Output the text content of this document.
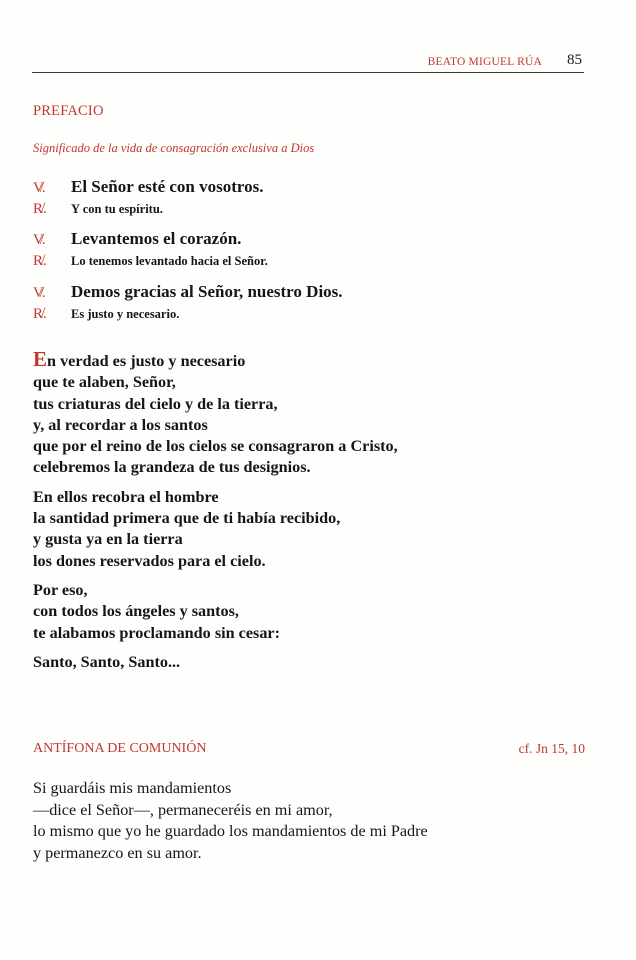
BEATO MIGUEL RÚA 85
PREFACIO
Significado de la vida de consagración exclusiva a Dios
V̸.	El Señor esté con vosotros.
R̸.	Y con tu espíritu.
V̸.	Levantemos el corazón.
R̸.	Lo tenemos levantado hacia el Señor.
V̸.	Demos gracias al Señor, nuestro Dios.
R̸.	Es justo y necesario.
En verdad es justo y necesario
que te alaben, Señor,
tus criaturas del cielo y de la tierra,
y, al recordar a los santos
que por el reino de los cielos se consagraron a Cristo,
celebremos la grandeza de tus designios.
En ellos recobra el hombre
la santidad primera que de ti había recibido,
y gusta ya en la tierra
los dones reservados para el cielo.
Por eso,
con todos los ángeles y santos,
te alabamos proclamando sin cesar:
Santo, Santo, Santo...
ANTÍFONA DE COMUNIÓN	cf. Jn 15, 10
Si guardáis mis mandamientos
—dice el Señor—, permaneceréis en mi amor,
lo mismo que yo he guardado los mandamientos de mi Padre
y permanezco en su amor.
